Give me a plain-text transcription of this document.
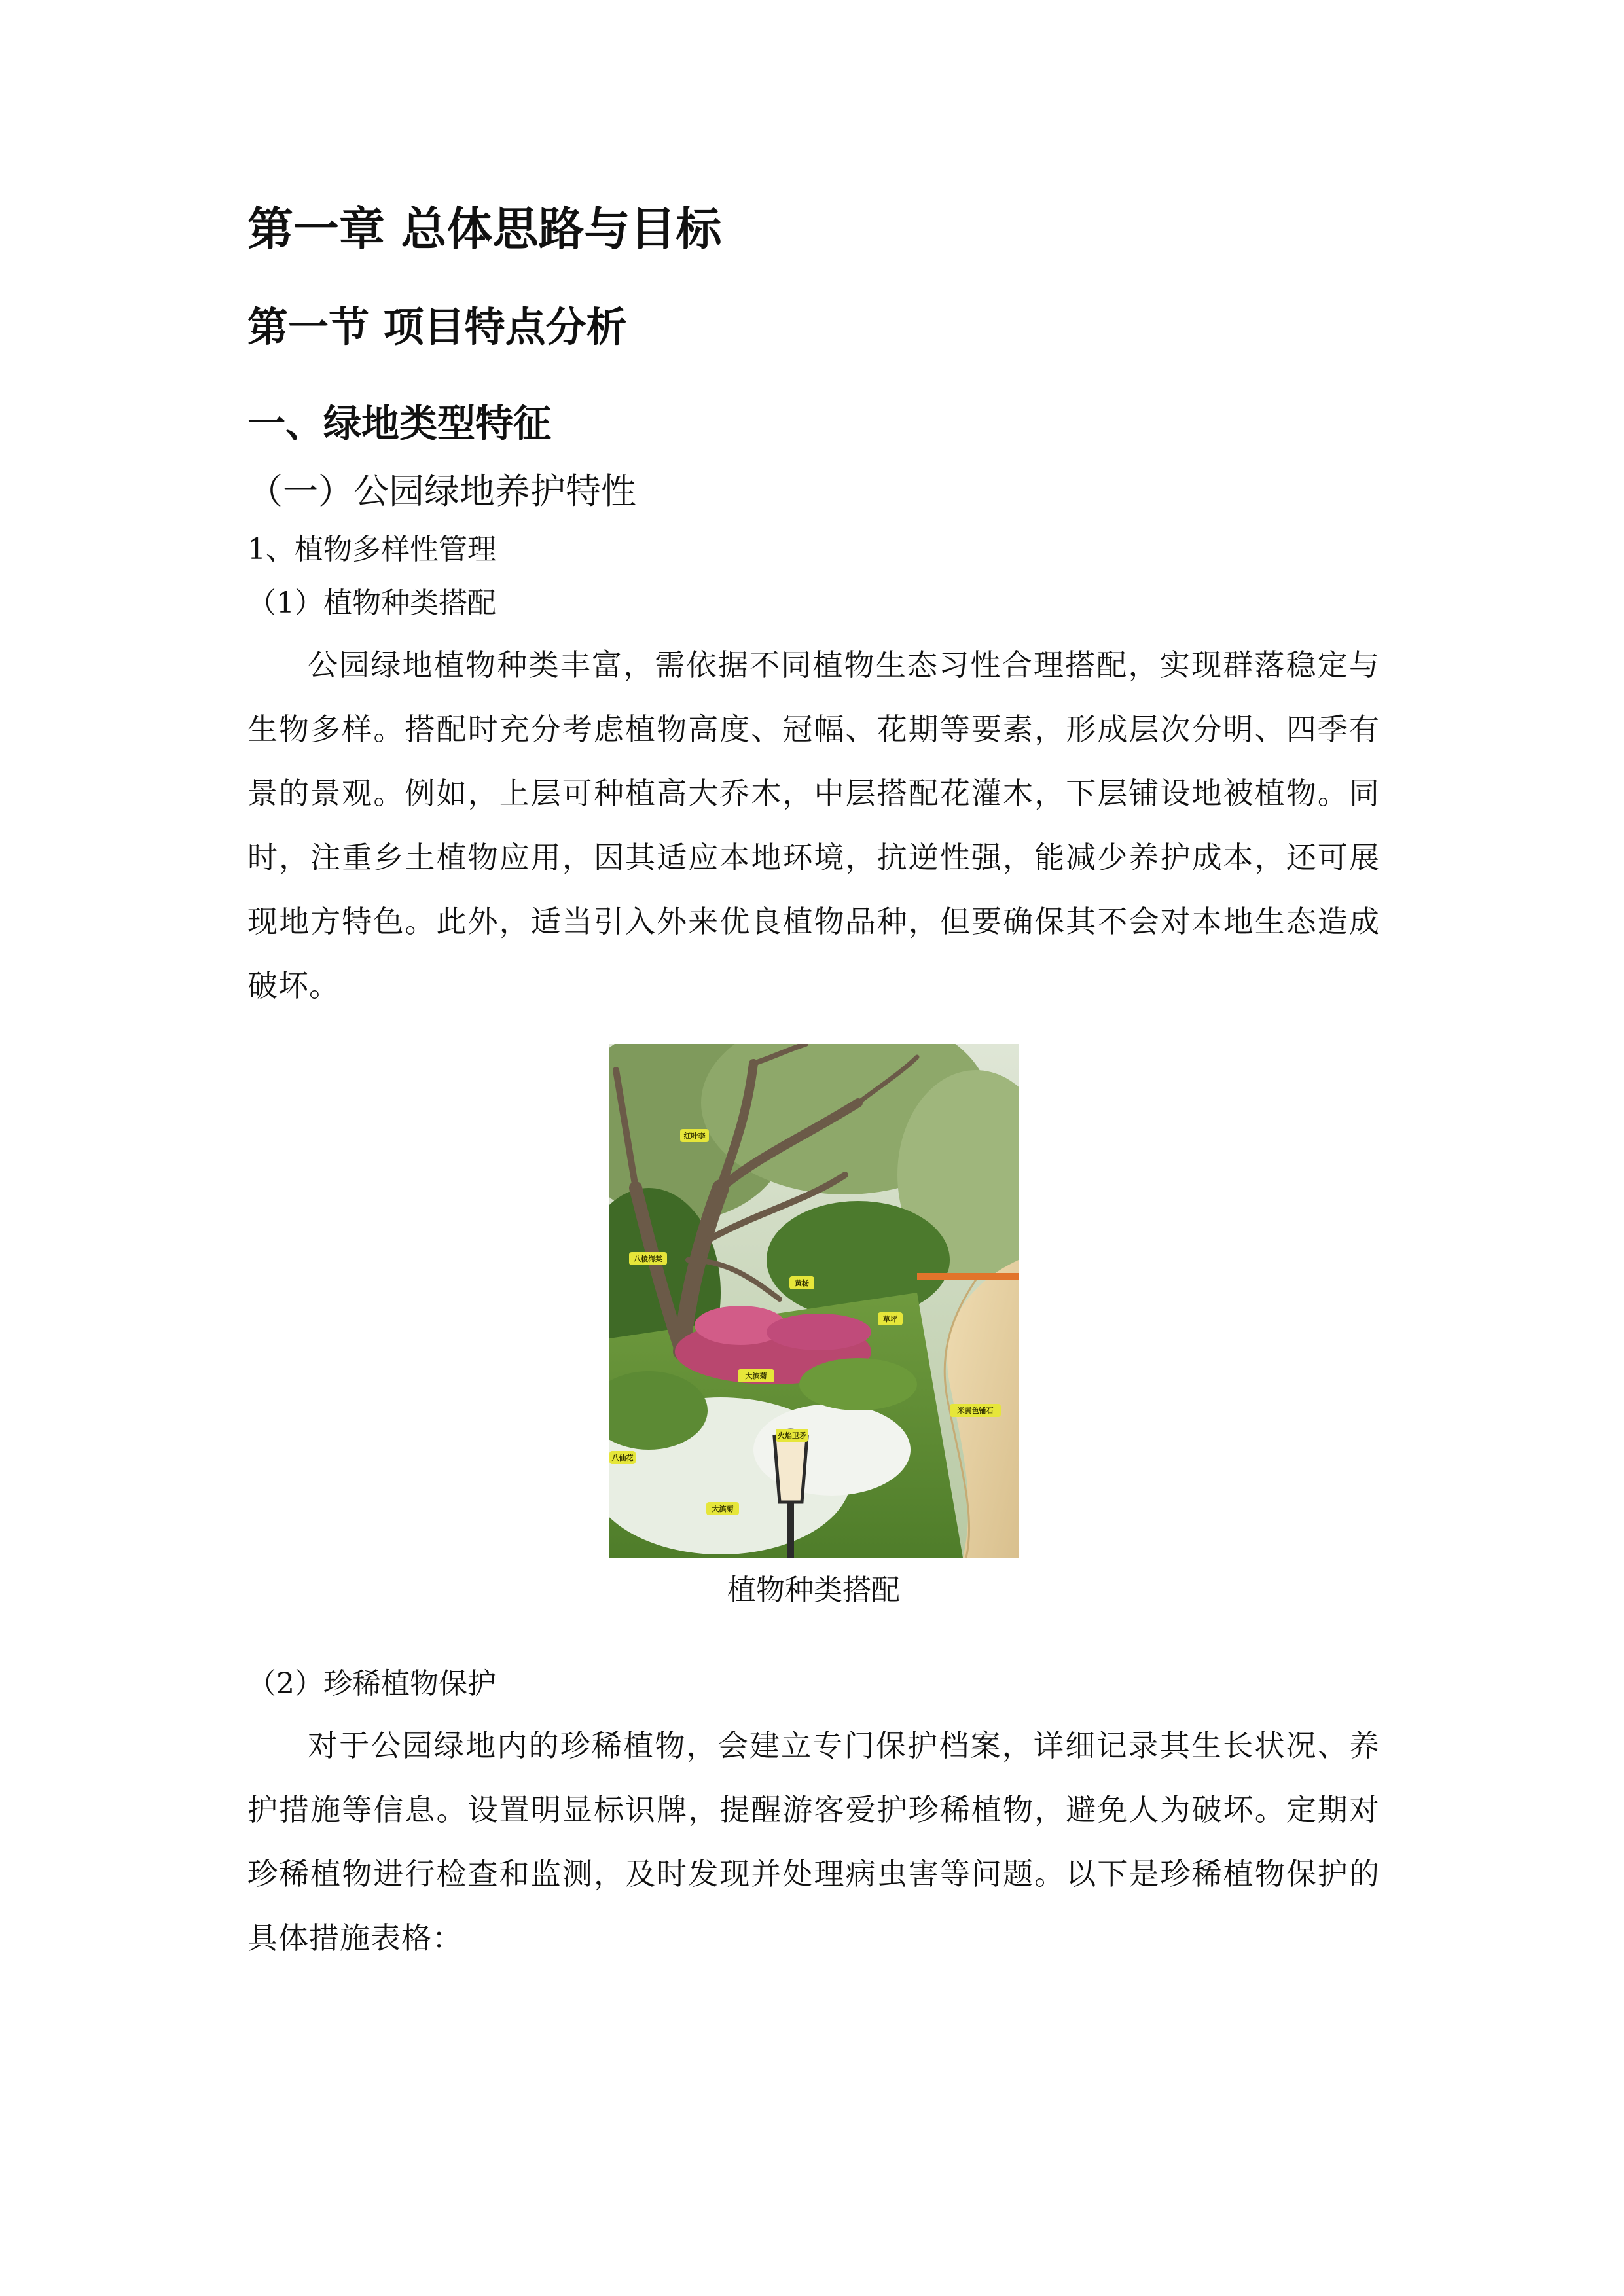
第一章 总体思路与目标
第一节 项目特点分析
一、绿地类型特征
（一）公园绿地养护特性
1、植物多样性管理
（1）植物种类搭配

公园绿地植物种类丰富，需依据不同植物生态习性合理搭配，实现群落稳定与生物多样。搭配时充分考虑植物高度、冠幅、花期等要素，形成层次分明、四季有景的景观。例如，上层可种植高大乔木，中层搭配花灌木，下层铺设地被植物。同时，注重乡土植物应用，因其适应本地环境，抗逆性强，能减少养护成本，还可展现地方特色。此外，适当引入外来优良植物品种，但要确保其不会对本地生态造成破坏。

红叶李
八棱海棠
黄杨
草坪
大滨菊
火焰卫矛
八仙花
大滨菊
米黄色铺石
植物种类搭配
（2）珍稀植物保护

对于公园绿地内的珍稀植物，会建立专门保护档案，详细记录其生长状况、养护措施等信息。设置明显标识牌，提醒游客爱护珍稀植物，避免人为破坏。定期对珍稀植物进行检查和监测，及时发现并处理病虫害等问题。以下是珍稀植物保护的具体措施表格：
